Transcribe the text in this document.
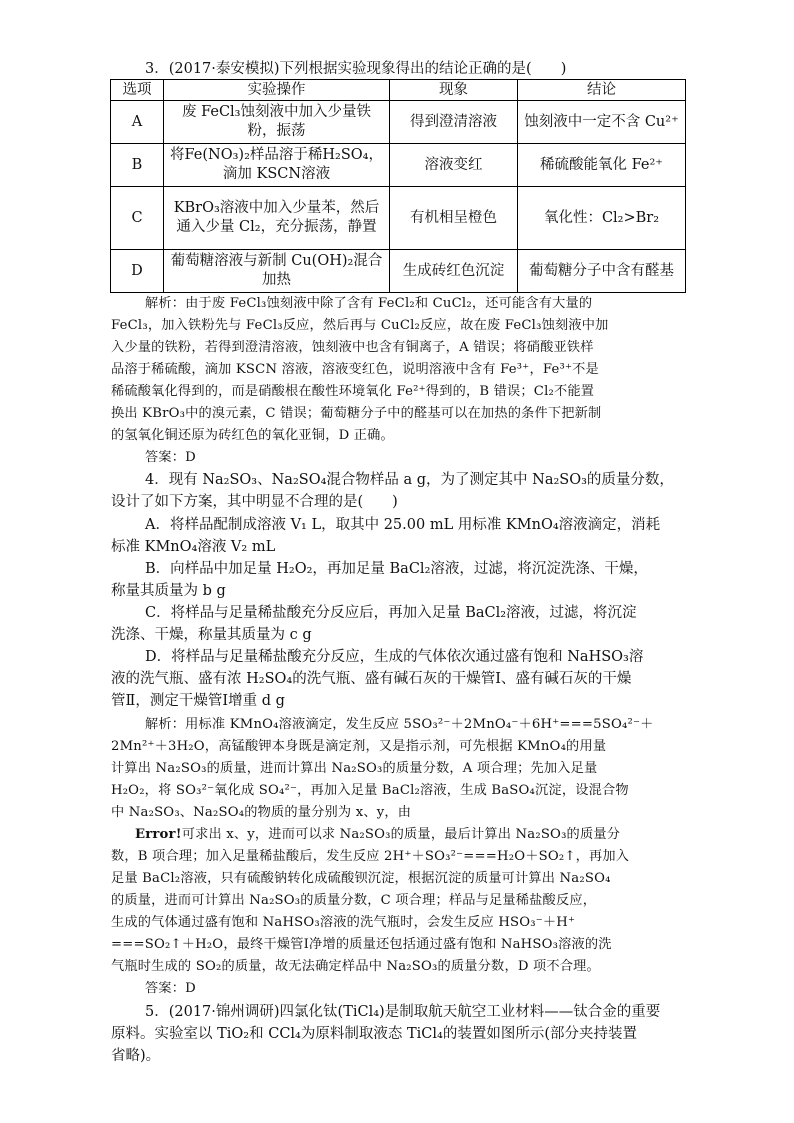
3．(2017·泰安模拟)下列根据实验现象得出的结论正确的是(　　)
选项	实验操作	现象	结论
A	废 FeCl₃蚀刻液中加入少量铁粉，振荡	得到澄清溶液	蚀刻液中一定不含 Cu²⁺
B	将Fe(NO₃)₂样品溶于稀H₂SO₄，滴加 KSCN溶液	溶液变红	稀硫酸能氧化 Fe²⁺
C	KBrO₃溶液中加入少量苯，然后通入少量 Cl₂，充分振荡，静置	有机相呈橙色	氧化性：Cl₂>Br₂
D	葡萄糖溶液与新制 Cu(OH)₂混合加热	生成砖红色沉淀	葡萄糖分子中含有醛基
解析：由于废 FeCl₃蚀刻液中除了含有 FeCl₂和 CuCl₂，还可能含有大量的
FeCl₃，加入铁粉先与 FeCl₃反应，然后再与 CuCl₂反应，故在废 FeCl₃蚀刻液中加
入少量的铁粉，若得到澄清溶液，蚀刻液中也含有铜离子，A 错误；将硝酸亚铁样
品溶于稀硫酸，滴加 KSCN 溶液，溶液变红色，说明溶液中含有 Fe³⁺，Fe³⁺不是
稀硫酸氧化得到的，而是硝酸根在酸性环境氧化 Fe²⁺得到的，B 错误；Cl₂不能置
换出 KBrO₃中的溴元素，C 错误；葡萄糖分子中的醛基可以在加热的条件下把新制
的氢氧化铜还原为砖红色的氧化亚铜，D 正确。
答案：D
4．现有 Na₂SO₃、Na₂SO₄混合物样品 a g，为了测定其中 Na₂SO₃的质量分数，
设计了如下方案，其中明显不合理的是(　　)
A．将样品配制成溶液 V₁ L，取其中 25.00 mL 用标准 KMnO₄溶液滴定，消耗
标准 KMnO₄溶液 V₂ mL
B．向样品中加足量 H₂O₂，再加足量 BaCl₂溶液，过滤，将沉淀洗涤、干燥，
称量其质量为 b g
C．将样品与足量稀盐酸充分反应后，再加入足量 BaCl₂溶液，过滤，将沉淀
洗涤、干燥，称量其质量为 c g
D．将样品与足量稀盐酸充分反应，生成的气体依次通过盛有饱和 NaHSO₃溶
液的洗气瓶、盛有浓 H₂SO₄的洗气瓶、盛有碱石灰的干燥管Ⅰ、盛有碱石灰的干燥
管Ⅱ，测定干燥管Ⅰ增重 d g
解析：用标准 KMnO₄溶液滴定，发生反应 5SO₃²⁻＋2MnO₄⁻＋6H⁺===5SO₄²⁻＋
2Mn²⁺＋3H₂O，高锰酸钾本身既是滴定剂，又是指示剂，可先根据 KMnO₄的用量
计算出 Na₂SO₃的质量，进而计算出 Na₂SO₃的质量分数，A 项合理；先加入足量
H₂O₂，将 SO₃²⁻氧化成 SO₄²⁻，再加入足量 BaCl₂溶液，生成 BaSO₄沉淀，设混合物
中 Na₂SO₃、Na₂SO₄的物质的量分别为 x、y，由
Error!可求出 x、y，进而可以求 Na₂SO₃的质量，最后计算出 Na₂SO₃的质量分
数，B 项合理；加入足量稀盐酸后，发生反应 2H⁺＋SO₃²⁻===H₂O＋SO₂↑，再加入
足量 BaCl₂溶液，只有硫酸钠转化成硫酸钡沉淀，根据沉淀的质量可计算出 Na₂SO₄
的质量，进而可计算出 Na₂SO₃的质量分数，C 项合理；样品与足量稀盐酸反应，
生成的气体通过盛有饱和 NaHSO₃溶液的洗气瓶时，会发生反应 HSO₃⁻＋H⁺
===SO₂↑＋H₂O，最终干燥管Ⅰ净增的质量还包括通过盛有饱和 NaHSO₃溶液的洗
气瓶时生成的 SO₂的质量，故无法确定样品中 Na₂SO₃的质量分数，D 项不合理。
答案：D
5．(2017·锦州调研)四氯化钛(TiCl₄)是制取航天航空工业材料——钛合金的重要
原料。实验室以 TiO₂和 CCl₄为原料制取液态 TiCl₄的装置如图所示(部分夹持装置
省略)。
